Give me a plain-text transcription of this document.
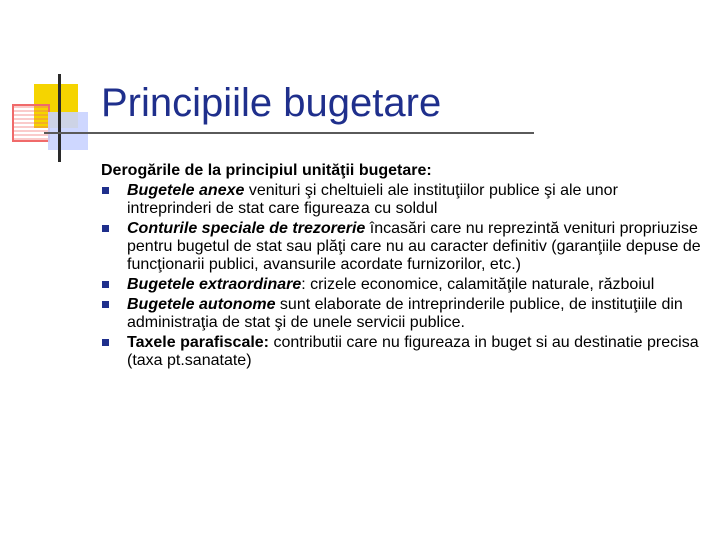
Principiile bugetare
Derogările de la principiul unităţii bugetare:
Bugetele anexe venituri şi cheltuieli ale instituţiilor publice şi ale unor intreprinderi de stat care figureaza cu soldul
Conturile speciale de trezorerie încasări care nu reprezintă venituri propriuzise pentru bugetul de stat sau plăţi care nu au caracter definitiv (garanţiile depuse de funcţionarii publici, avansurile acordate furnizorilor, etc.)
Bugetele extraordinare: crizele economice, calamităţile naturale, războiul
Bugetele autonome sunt elaborate de intreprinderile publice, de instituţiile din administraţia de stat şi de unele servicii publice.
Taxele parafiscale: contributii care nu figureaza in buget si au destinatie precisa (taxa pt.sanatate)
